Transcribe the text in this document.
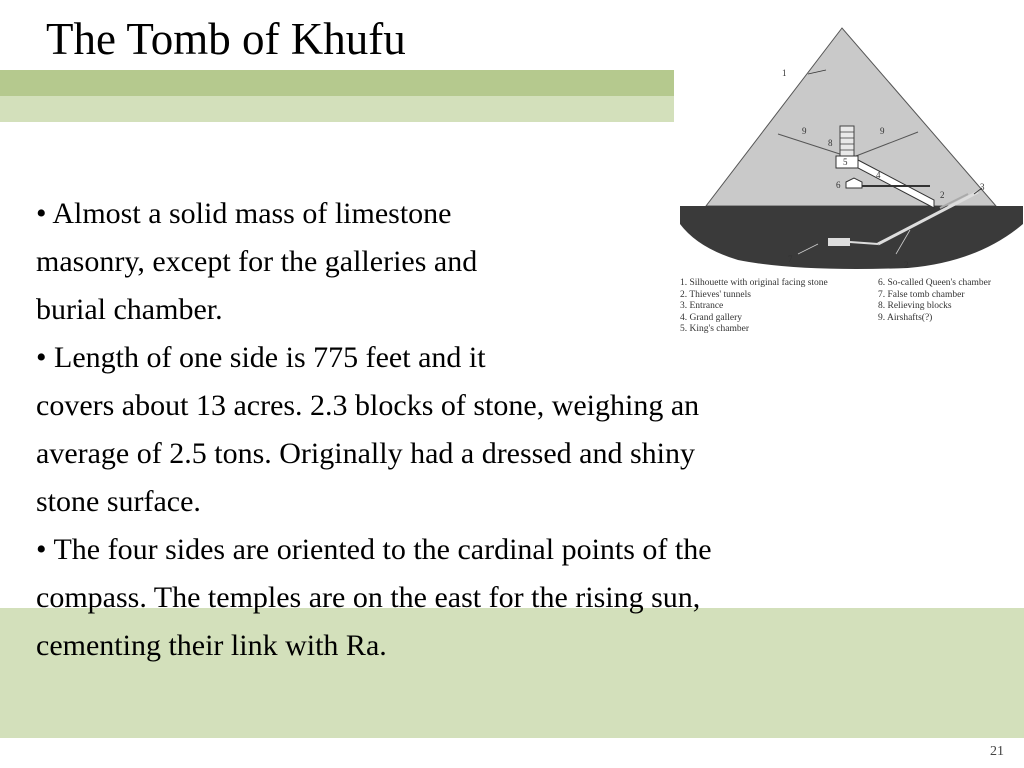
The Tomb of Khufu
• Almost a solid mass of limestone
masonry, except for the galleries and
burial chamber.
• Length of one side is 775 feet and it
covers about 13 acres. 2.3 blocks of stone, weighing an
average of 2.5 tons. Originally had a dressed and shiny
stone surface.
• The four sides are oriented to the cardinal points of the
compass. The temples are on the east for the rising sun,
cementing their link with Ra.
1
2
3
4
5
6
7
8
9	9
2
1. Silhouette with original facing stone
2. Thieves' tunnels
3. Entrance
4. Grand gallery
5. King's chamber
6. So-called Queen's chamber
7. False tomb chamber
8. Relieving blocks
9. Airshafts(?)
21
